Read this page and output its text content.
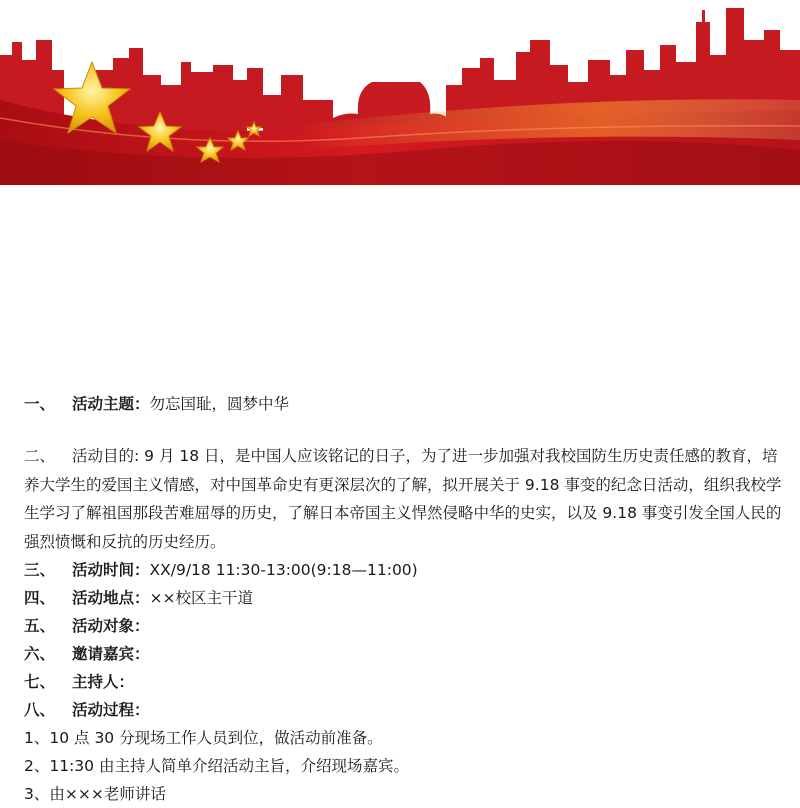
一、 活动主题：勿忘国耻，圆梦中华
二、 活动目的: 9 月 18 日，是中国人应该铭记的日子，为了进一步加强对我校国防生历史责任感的教育，培养大学生的爱国主义情感，对中国革命史有更深层次的了解，拟开展关于 9.18 事变的纪念日活动，组织我校学生学习了解祖国那段苦难屈辱的历史，了解日本帝国主义悍然侵略中华的史实，以及 9.18 事变引发全国人民的强烈愤慨和反抗的历史经历。
三、 活动时间：XX/9/18 11:30-13:00(9:18—11:00)
四、 活动地点：××校区主干道
五、 活动对象：
六、 邀请嘉宾：
七、 主持人：
八、 活动过程：
1、10 点 30 分现场工作人员到位，做活动前准备。
2、11:30 由主持人简单介绍活动主旨，介绍现场嘉宾。
3、由×××老师讲话
